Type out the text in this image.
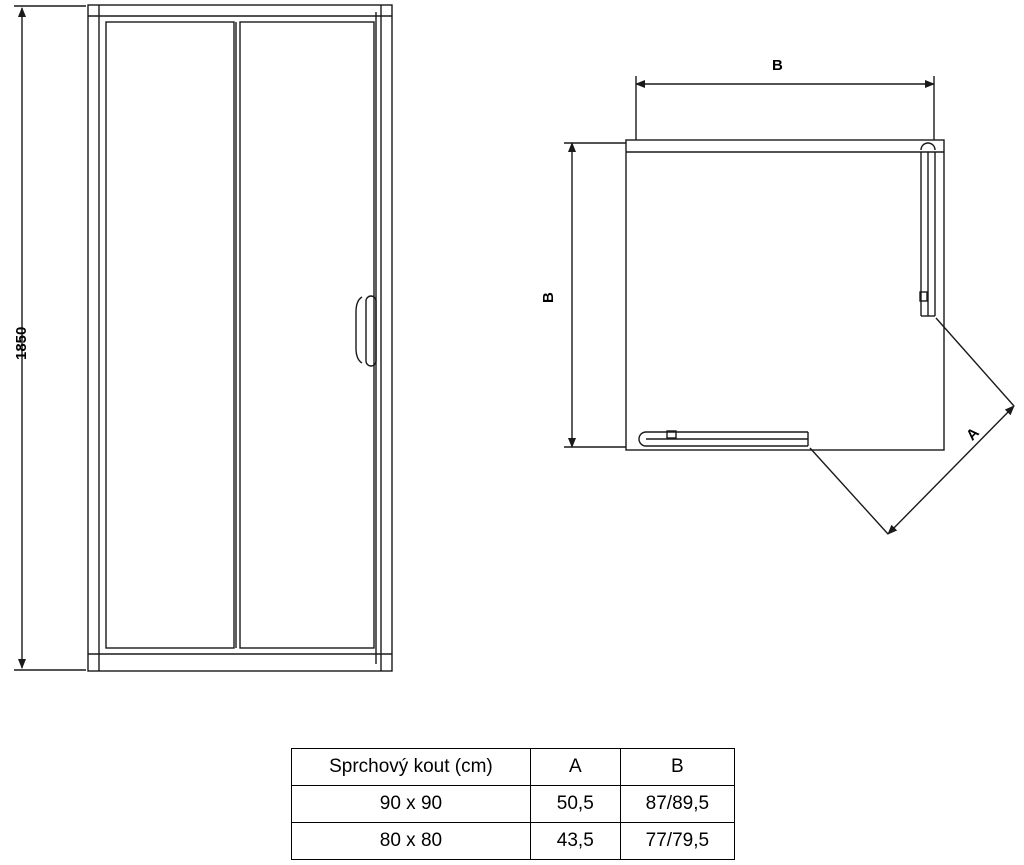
1850
B
B
A
Sprchový kout (cm)	A	B
90 x 90	50,5	87/89,5
80 x 80	43,5	77/79,5
